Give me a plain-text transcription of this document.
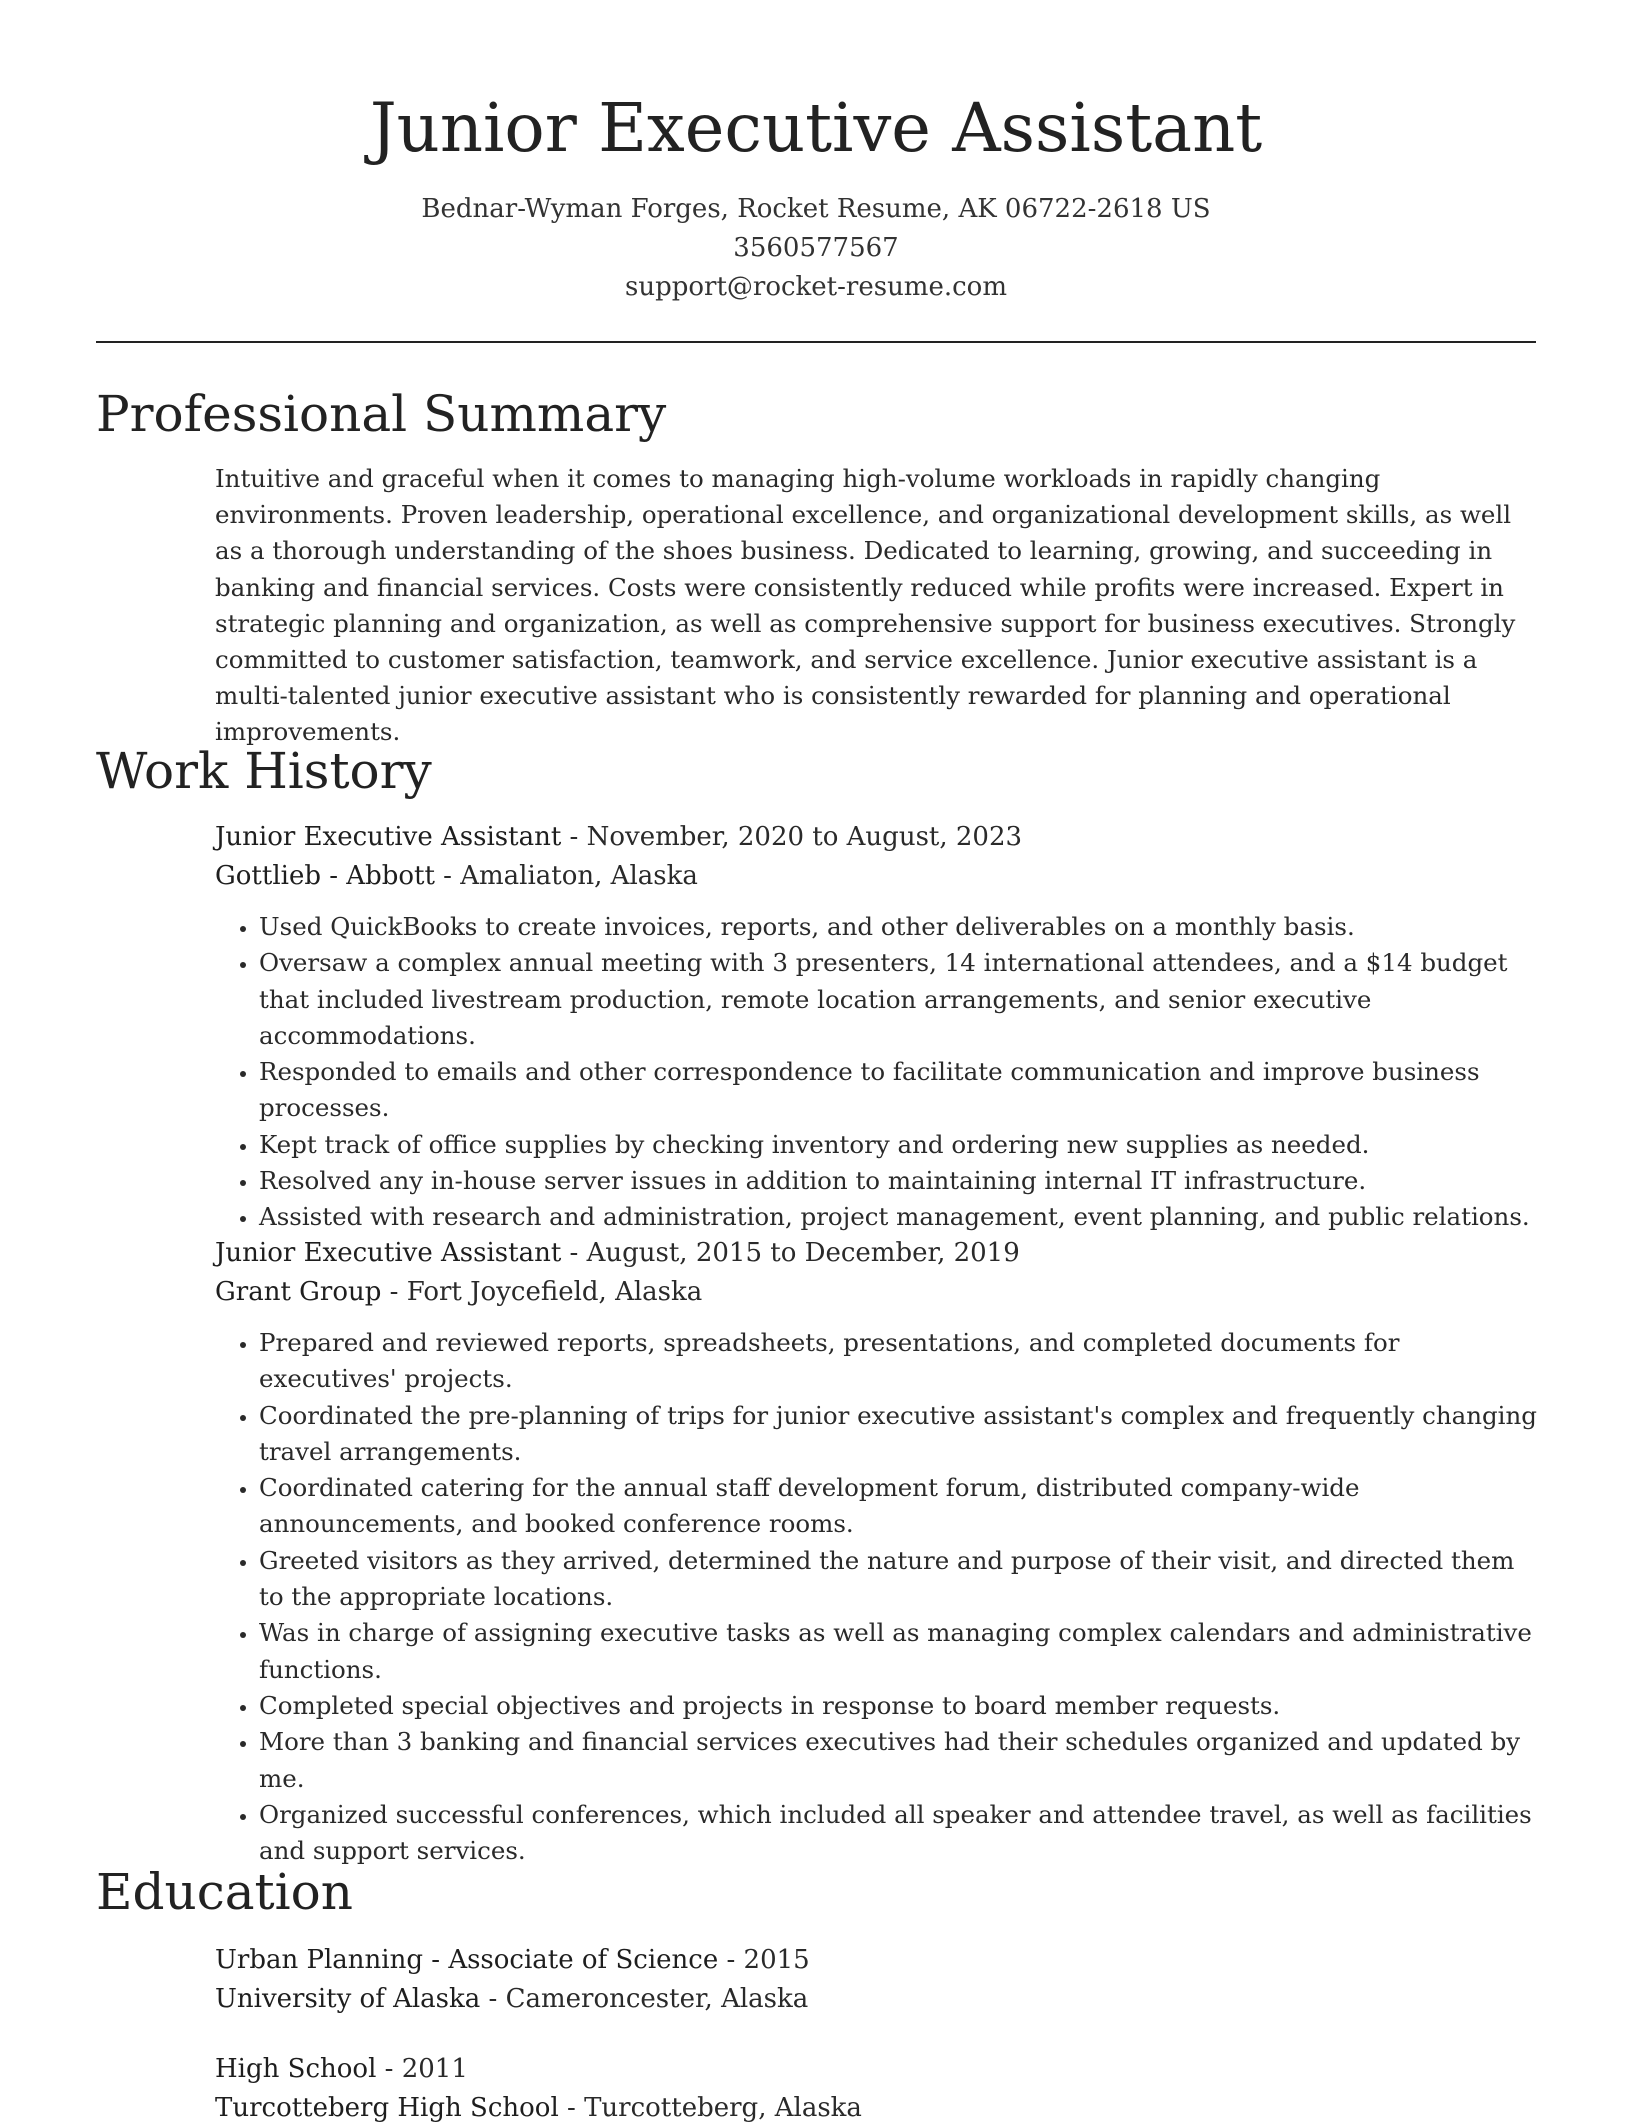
Junior Executive Assistant
Bednar-Wyman Forges, Rocket Resume, AK 06722-2618 US
3560577567
support@rocket-resume.com
Professional Summary

Intuitive and graceful when it comes to managing high-volume workloads in rapidly changing environments. Proven leadership, operational excellence, and organizational development skills, as well as a thorough understanding of the shoes business. Dedicated to learning, growing, and succeeding in banking and financial services. Costs were consistently reduced while profits were increased. Expert in strategic planning and organization, as well as comprehensive support for business executives. Strongly committed to customer satisfaction, teamwork, and service excellence. Junior executive assistant is a multi-talented junior executive assistant who is consistently rewarded for planning and operational improvements.

Work History
Junior Executive Assistant - November, 2020 to August, 2023
Gottlieb - Abbott - Amaliaton, Alaska
• Used QuickBooks to create invoices, reports, and other deliverables on a monthly basis.
• Oversaw a complex annual meeting with 3 presenters, 14 international attendees, and a $14 budget that included livestream production, remote location arrangements, and senior executive accommodations.
• Responded to emails and other correspondence to facilitate communication and improve business processes.
• Kept track of office supplies by checking inventory and ordering new supplies as needed.
• Resolved any in-house server issues in addition to maintaining internal IT infrastructure.
• Assisted with research and administration, project management, event planning, and public relations.
Junior Executive Assistant - August, 2015 to December, 2019
Grant Group - Fort Joycefield, Alaska
• Prepared and reviewed reports, spreadsheets, presentations, and completed documents for executives' projects.
• Coordinated the pre-planning of trips for junior executive assistant's complex and frequently changing travel arrangements.
• Coordinated catering for the annual staff development forum, distributed company-wide announcements, and booked conference rooms.
• Greeted visitors as they arrived, determined the nature and purpose of their visit, and directed them to the appropriate locations.
• Was in charge of assigning executive tasks as well as managing complex calendars and administrative functions.
• Completed special objectives and projects in response to board member requests.
• More than 3 banking and financial services executives had their schedules organized and updated by me.
• Organized successful conferences, which included all speaker and attendee travel, as well as facilities and support services.
Education
Urban Planning - Associate of Science - 2015
University of Alaska - Cameroncester, Alaska
High School - 2011
Turcotteberg High School - Turcotteberg, Alaska
